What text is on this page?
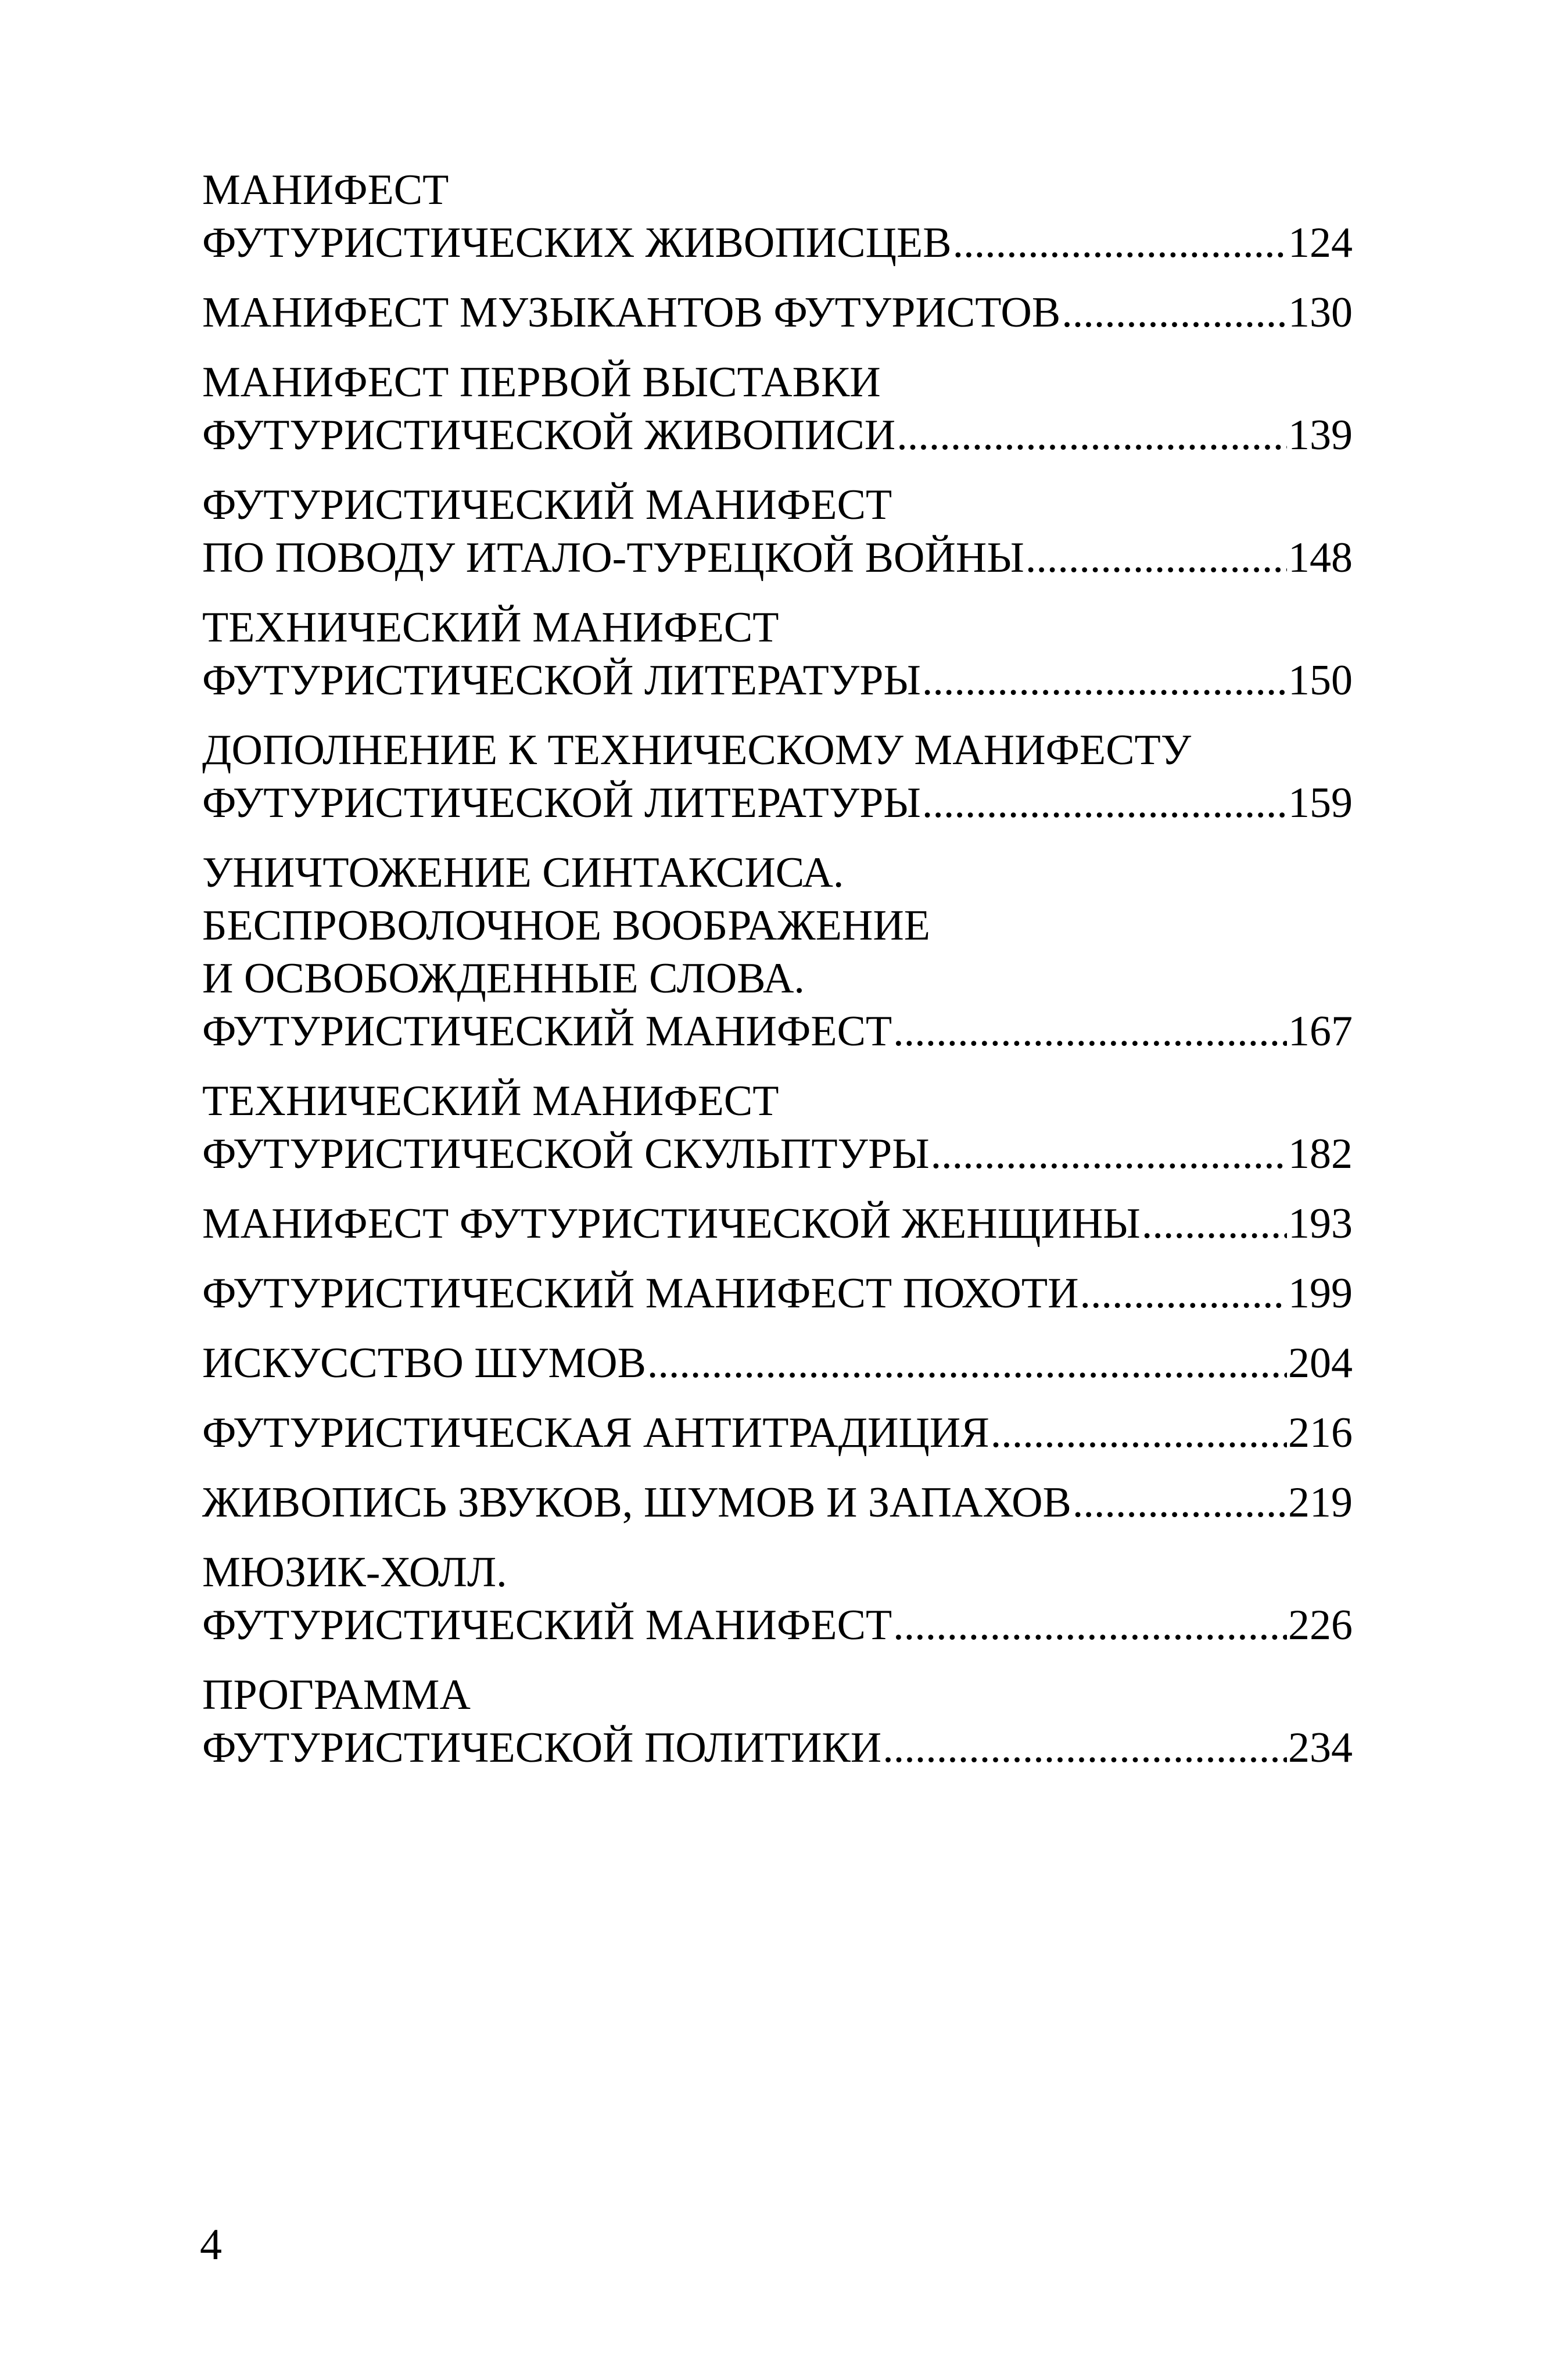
МАНИФЕСТ
ФУТУРИСТИЧЕСКИХ ЖИВОПИСЦЕВ .....	124
МАНИФЕСТ МУЗЫКАНТОВ ФУТУРИСТОВ .....	130
МАНИФЕСТ ПЕРВОЙ ВЫСТАВКИ
ФУТУРИСТИЧЕСКОЙ ЖИВОПИСИ .....	139
ФУТУРИСТИЧЕСКИЙ МАНИФЕСТ
ПО ПОВОДУ ИТАЛО-ТУРЕЦКОЙ ВОЙНЫ .....	148
ТЕХНИЧЕСКИЙ МАНИФЕСТ
ФУТУРИСТИЧЕСКОЙ ЛИТЕРАТУРЫ .....	150
ДОПОЛНЕНИЕ К ТЕХНИЧЕСКОМУ МАНИФЕСТУ
ФУТУРИСТИЧЕСКОЙ ЛИТЕРАТУРЫ .....	159
УНИЧТОЖЕНИЕ СИНТАКСИСА.
БЕСПРОВОЛОЧНОЕ ВООБРАЖЕНИЕ
И ОСВОБОЖДЕННЫЕ СЛОВА.
ФУТУРИСТИЧЕСКИЙ МАНИФЕСТ .....	167
ТЕХНИЧЕСКИЙ МАНИФЕСТ
ФУТУРИСТИЧЕСКОЙ СКУЛЬПТУРЫ .....	182
МАНИФЕСТ ФУТУРИСТИЧЕСКОЙ ЖЕНЩИНЫ .....	193
ФУТУРИСТИЧЕСКИЙ МАНИФЕСТ ПОХОТИ .....	199
ИСКУССТВО ШУМОВ .....	204
ФУТУРИСТИЧЕСКАЯ АНТИТРАДИЦИЯ .....	216
ЖИВОПИСЬ ЗВУКОВ, ШУМОВ И ЗАПАХОВ .....	219
МЮЗИК-ХОЛЛ.
ФУТУРИСТИЧЕСКИЙ МАНИФЕСТ .....	226
ПРОГРАММА
ФУТУРИСТИЧЕСКОЙ ПОЛИТИКИ .....	234
4
